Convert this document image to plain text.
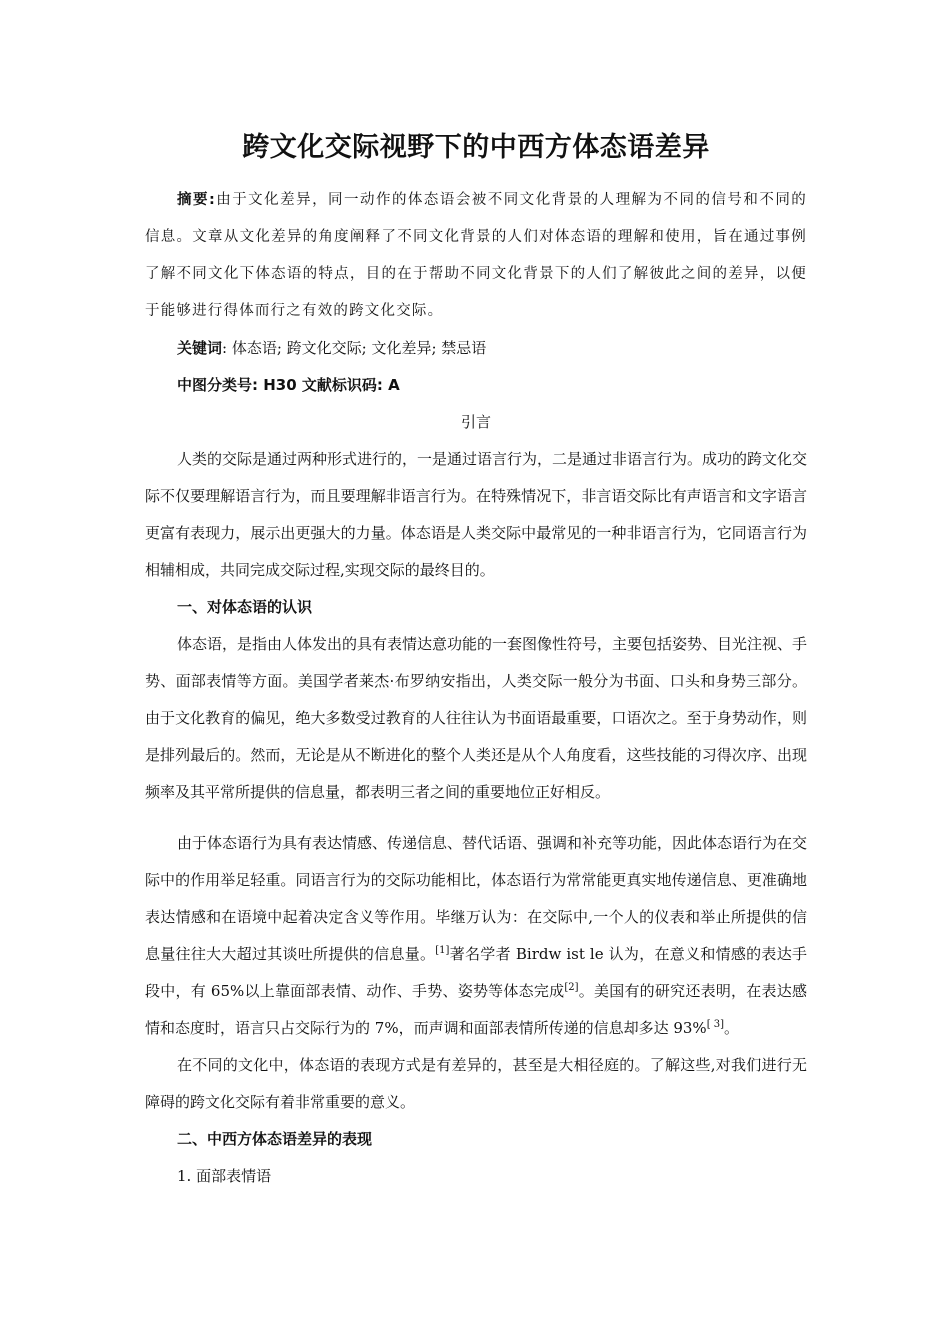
跨文化交际视野下的中西方体态语差异

摘要:由于文化差异，同一动作的体态语会被不同文化背景的人理解为不同的信号和不同的信息。文章从文化差异的角度阐释了不同文化背景的人们对体态语的理解和使用，旨在通过事例了解不同文化下体态语的特点，目的在于帮助不同文化背景下的人们了解彼此之间的差异，以便于能够进行得体而行之有效的跨文化交际。

关键词: 体态语; 跨文化交际; 文化差异; 禁忌语

中图分类号: H30 文献标识码: A

引言

人类的交际是通过两种形式进行的，一是通过语言行为，二是通过非语言行为。成功的跨文化交际不仅要理解语言行为，而且要理解非语言行为。在特殊情况下，非言语交际比有声语言和文字语言更富有表现力，展示出更强大的力量。体态语是人类交际中最常见的一种非语言行为，它同语言行为相辅相成，共同完成交际过程,实现交际的最终目的。

一、对体态语的认识

体态语，是指由人体发出的具有表情达意功能的一套图像性符号，主要包括姿势、目光注视、手势、面部表情等方面。美国学者莱杰·布罗纳安指出，人类交际一般分为书面、口头和身势三部分。由于文化教育的偏见，绝大多数受过教育的人往往认为书面语最重要，口语次之。至于身势动作，则是排列最后的。然而，无论是从不断进化的整个人类还是从个人角度看，这些技能的习得次序、出现频率及其平常所提供的信息量，都表明三者之间的重要地位正好相反。

由于体态语行为具有表达情感、传递信息、替代话语、强调和补充等功能，因此体态语行为在交际中的作用举足轻重。同语言行为的交际功能相比，体态语行为常常能更真实地传递信息、更准确地表达情感和在语境中起着决定含义等作用。毕继万认为：在交际中,一个人的仪表和举止所提供的信息量往往大大超过其谈吐所提供的信息量。[1]著名学者 Birdw ist le 认为，在意义和情感的表达手段中，有 65%以上靠面部表情、动作、手势、姿势等体态完成[2]。美国有的研究还表明，在表达感情和态度时，语言只占交际行为的 7%，而声调和面部表情所传递的信息却多达 93%[ 3]。

在不同的文化中，体态语的表现方式是有差异的，甚至是大相径庭的。了解这些,对我们进行无障碍的跨文化交际有着非常重要的意义。

二、中西方体态语差异的表现

1. 面部表情语
